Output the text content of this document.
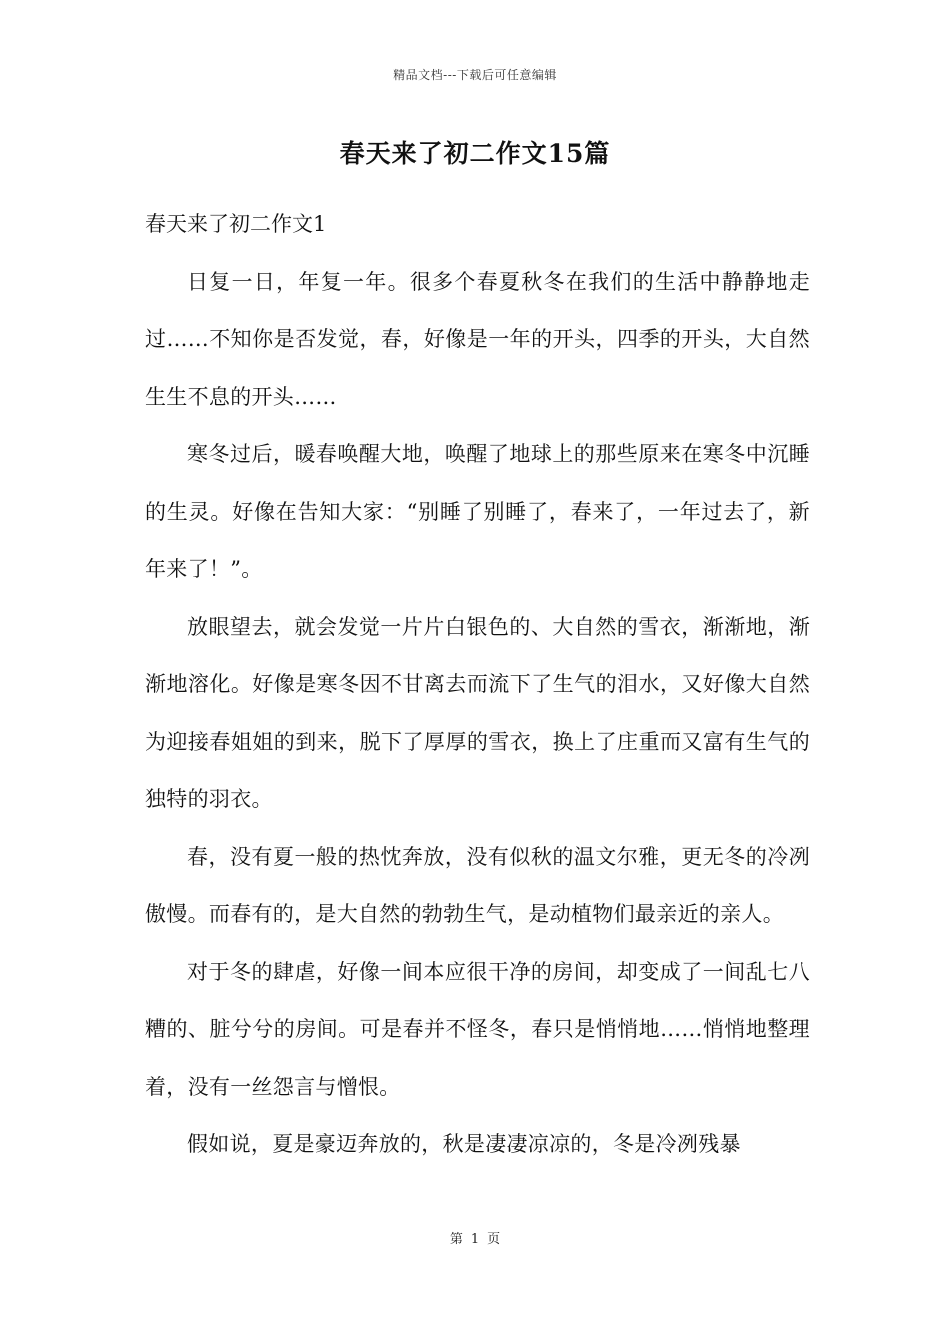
精品文档---下载后可任意编辑
春天来了初二作文15篇

春天来了初二作文1

日复一日，年复一年。很多个春夏秋冬在我们的生活中静静地走过……不知你是否发觉，春，好像是一年的开头，四季的开头，大自然生生不息的开头……

寒冬过后，暖春唤醒大地，唤醒了地球上的那些原来在寒冬中沉睡的生灵。好像在告知大家：“别睡了别睡了，春来了，一年过去了，新年来了！”。

放眼望去，就会发觉一片片白银色的、大自然的雪衣，渐渐地，渐渐地溶化。好像是寒冬因不甘离去而流下了生气的泪水，又好像大自然为迎接春姐姐的到来，脱下了厚厚的雪衣，换上了庄重而又富有生气的独特的羽衣。

春，没有夏一般的热忱奔放，没有似秋的温文尔雅，更无冬的冷冽傲慢。而春有的，是大自然的勃勃生气，是动植物们最亲近的亲人。

对于冬的肆虐，好像一间本应很干净的房间，却变成了一间乱七八糟的、脏兮兮的房间。可是春并不怪冬，春只是悄悄地……悄悄地整理着，没有一丝怨言与憎恨。

假如说，夏是豪迈奔放的，秋是凄凄凉凉的，冬是冷冽残暴

第 1 页
